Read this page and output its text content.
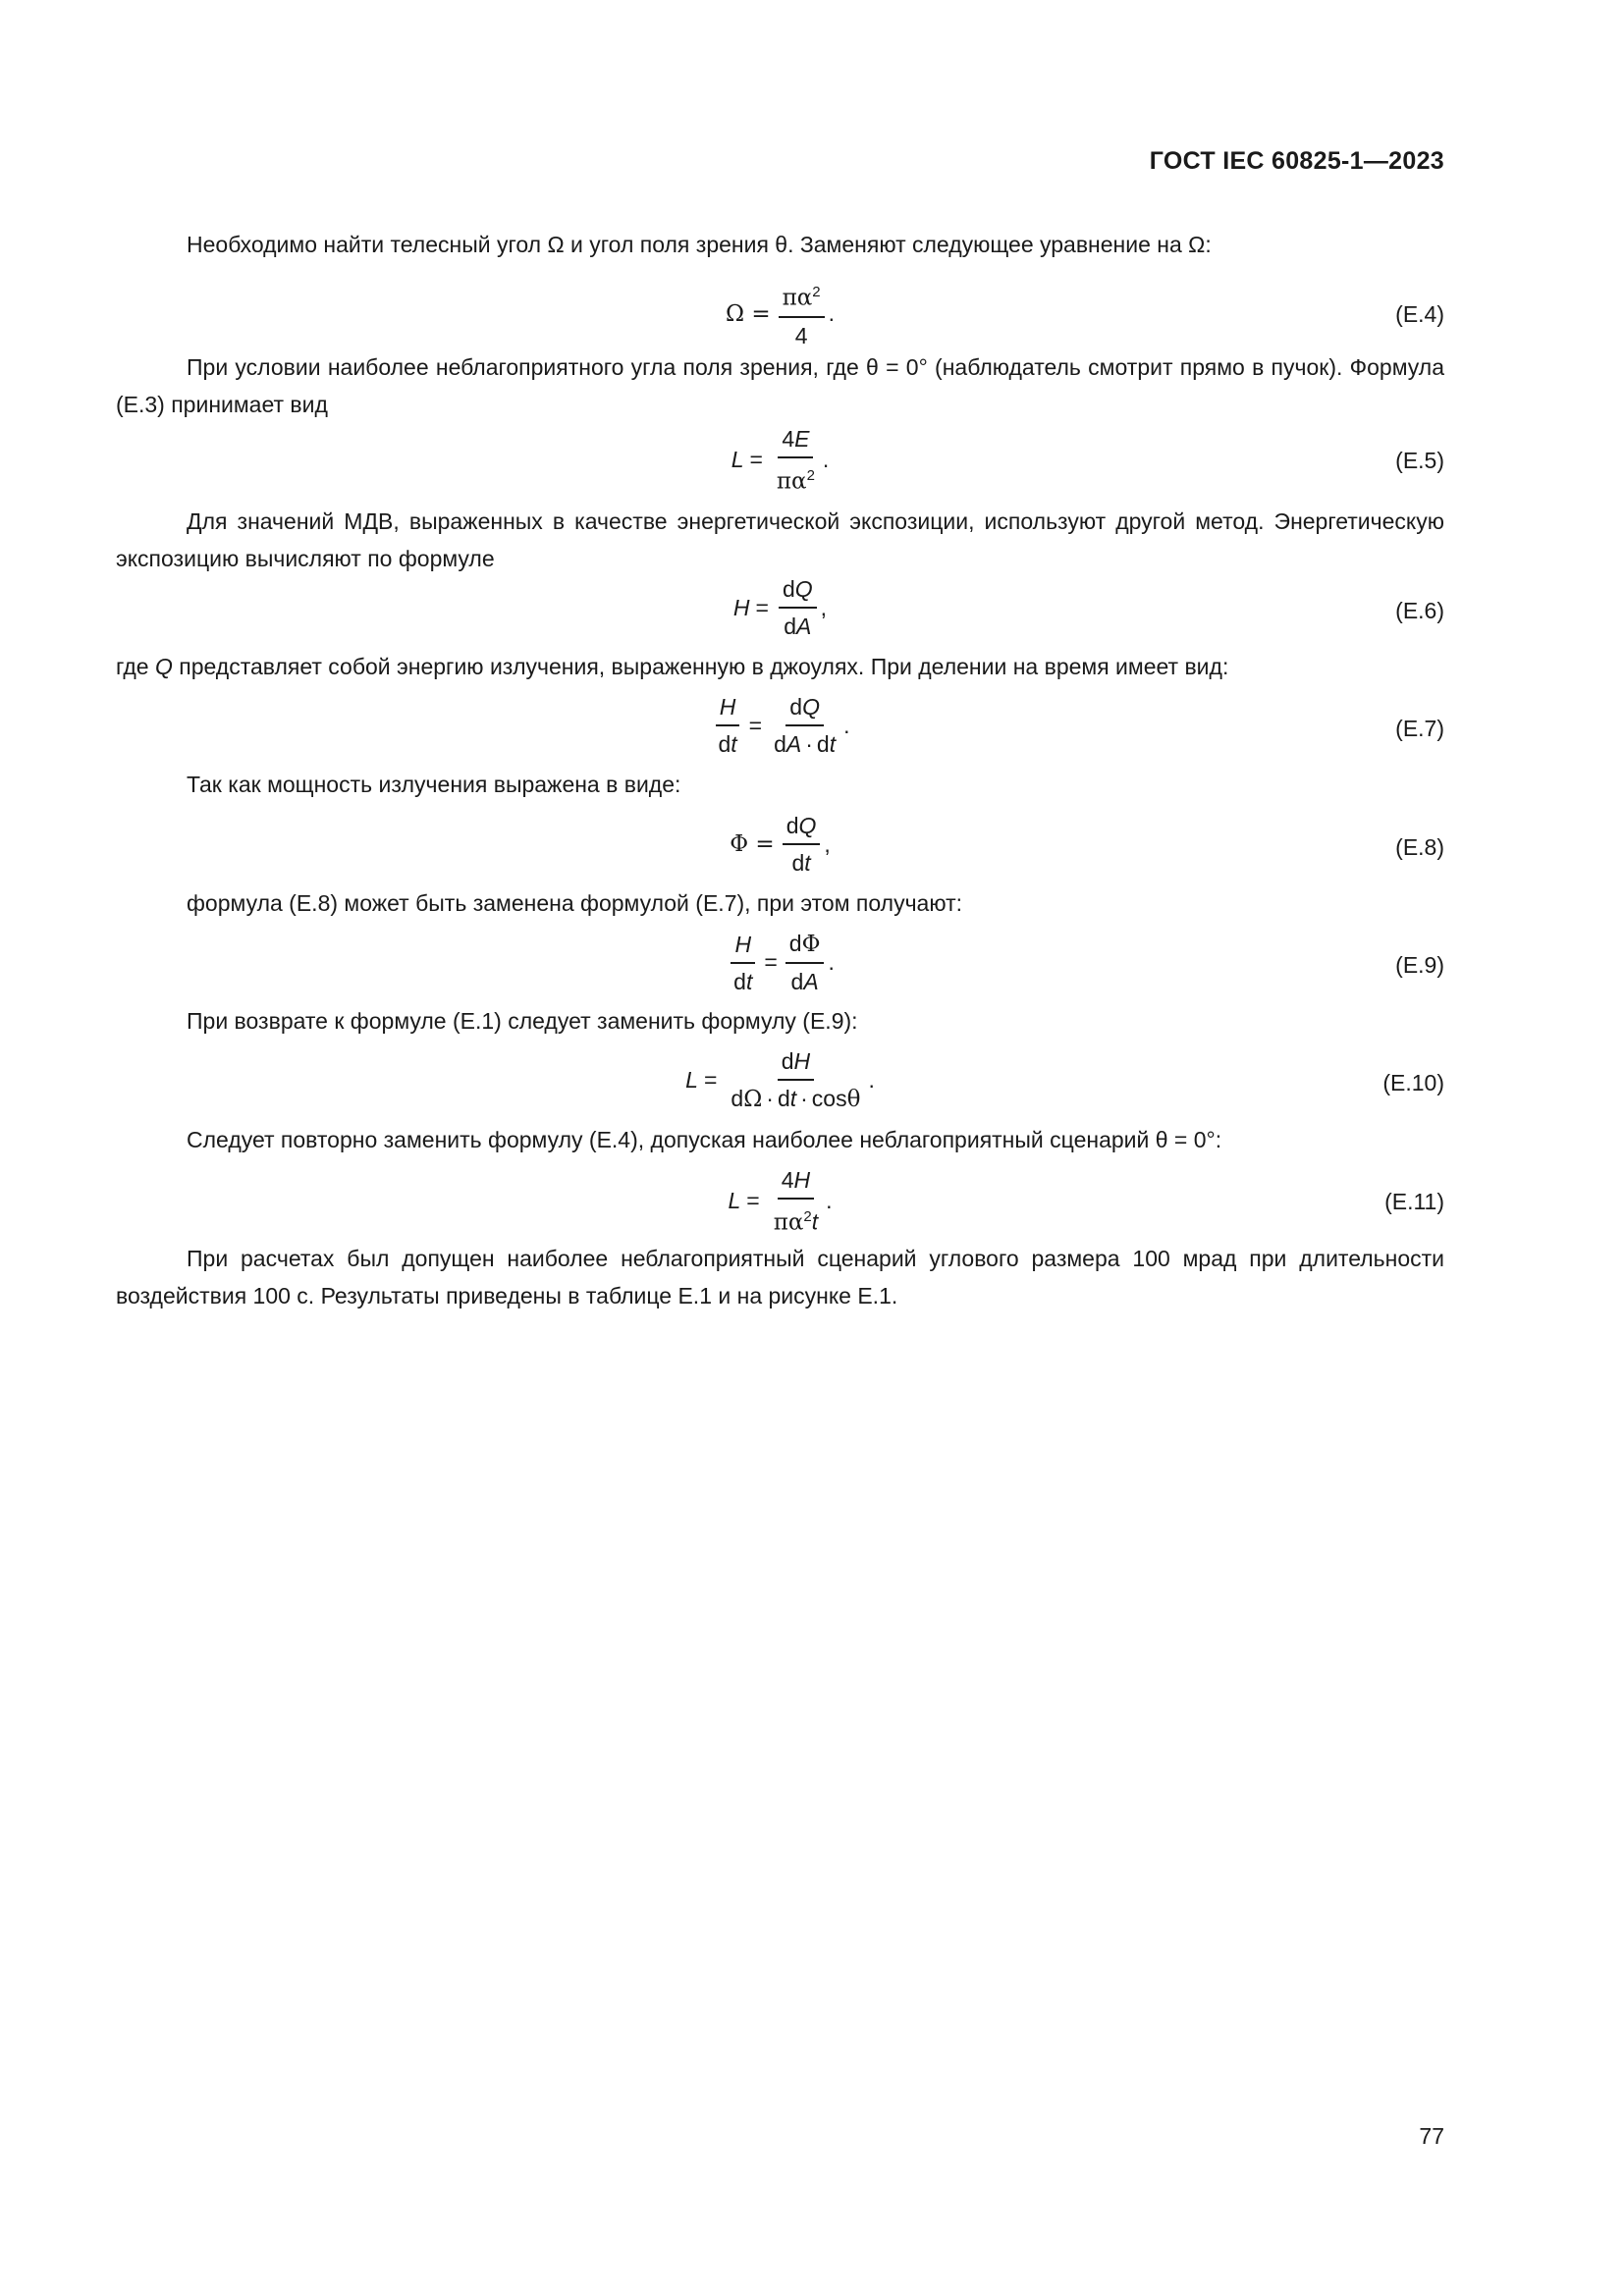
ГОСТ IEC 60825-1—2023
Необходимо найти телесный угол Ω и угол поля зрения θ. Заменяют следующее уравнение на Ω:
$\Omega = \frac{\pi\alpha^2}{4}$ .	(Е.4)
При условии наиболее неблагоприятного угла поля зрения, где θ = 0° (наблюдатель смотрит прямо в пучок). Формула (Е.3) принимает вид
$L = \frac{4E}{\pi\alpha^2}$ .	(Е.5)
Для значений МДВ, выраженных в качестве энергетической экспозиции, используют другой метод. Энергетическую экспозицию вычисляют по формуле
$H = \frac{dQ}{dA}$ ,	(Е.6)
где Q представляет собой энергию излучения, выраженную в джоулях. При делении на время имеет вид:
$\frac{H}{dt} = \frac{dQ}{dA \cdot dt}$ .	(Е.7)
Так как мощность излучения выражена в виде:
$\Phi = \frac{dQ}{dt}$ ,	(Е.8)
формула (Е.8) может быть заменена формулой (Е.7), при этом получают:
$\frac{H}{dt} = \frac{d\Phi}{dA}$ .	(Е.9)
При возврате к формуле (Е.1) следует заменить формулу (Е.9):
$L = \frac{dH}{d\Omega \cdot dt \cdot \cos\theta}$ .	(Е.10)
Следует повторно заменить формулу (Е.4), допуская наиболее неблагоприятный сценарий θ = 0°:
$L = \frac{4H}{\pi\alpha^2t}$ .	(Е.11)
При расчетах был допущен наиболее неблагоприятный сценарий углового размера 100 мрад при длительности воздействия 100 с. Результаты приведены в таблице Е.1 и на рисунке Е.1.
77
